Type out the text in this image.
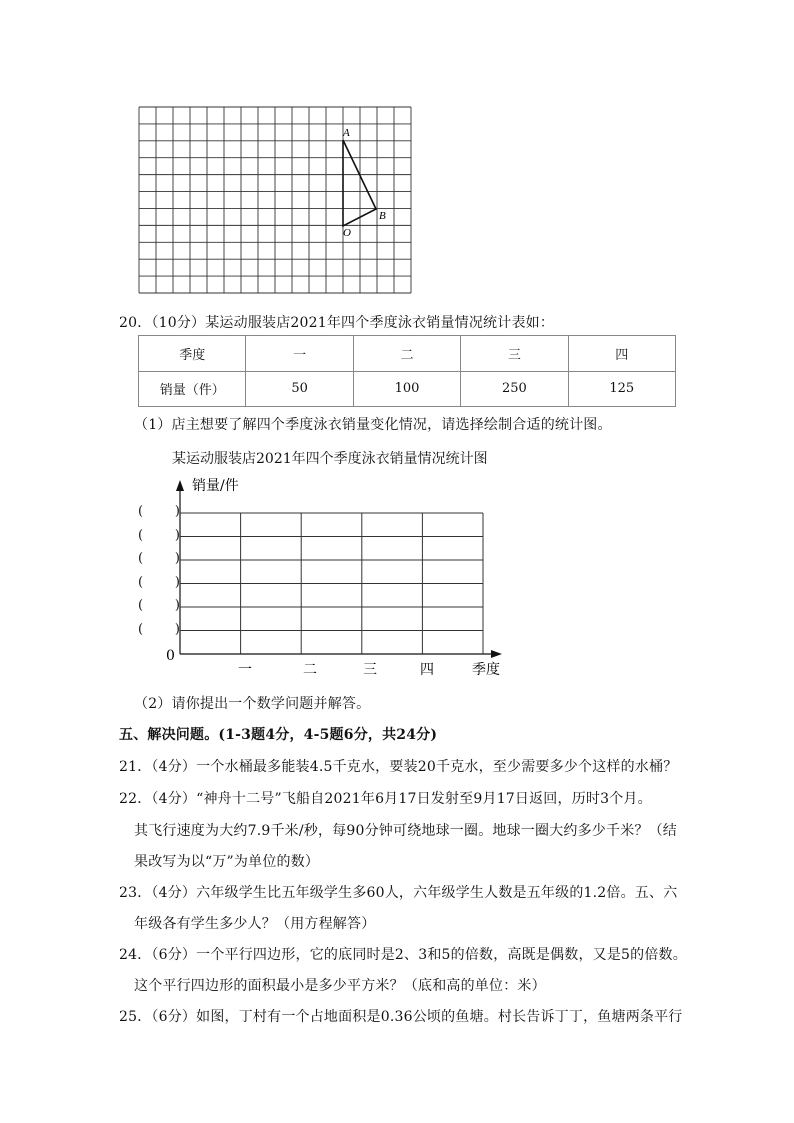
A
B
O
20．（10分）某运动服装店2021年四个季度泳衣销量情况统计表如：
季度	一	二	三	四
销量（件）	50	100	250	125
（1）店主想要了解四个季度泳衣销量变化情况，请选择绘制合适的统计图。
某运动服装店2021年四个季度泳衣销量情况统计图
销量/件
0
季度
一	二	三	四
( )
( )
( )
( )
( )
( )
（2）请你提出一个数学问题并解答。
五、解决问题。(1-3题4分，4-5题6分，共24分)
21．（4分）一个水桶最多能装4.5千克水，要装20千克水，至少需要多少个这样的水桶？
22．（4分）“神舟十二号”飞船自2021年6月17日发射至9月17日返回，历时3个月。
其飞行速度为大约7.9千米/秒，每90分钟可绕地球一圈。地球一圈大约多少千米？（结
果改写为以“万”为单位的数）
23．（4分）六年级学生比五年级学生多60人，六年级学生人数是五年级的1.2倍。五、六
年级各有学生多少人？（用方程解答）
24．（6分）一个平行四边形，它的底同时是2、3和5的倍数，高既是偶数，又是5的倍数。
这个平行四边形的面积最小是多少平方米？（底和高的单位：米）
25．（6分）如图，丁村有一个占地面积是0.36公顷的鱼塘。村长告诉丁丁，鱼塘两条平行
